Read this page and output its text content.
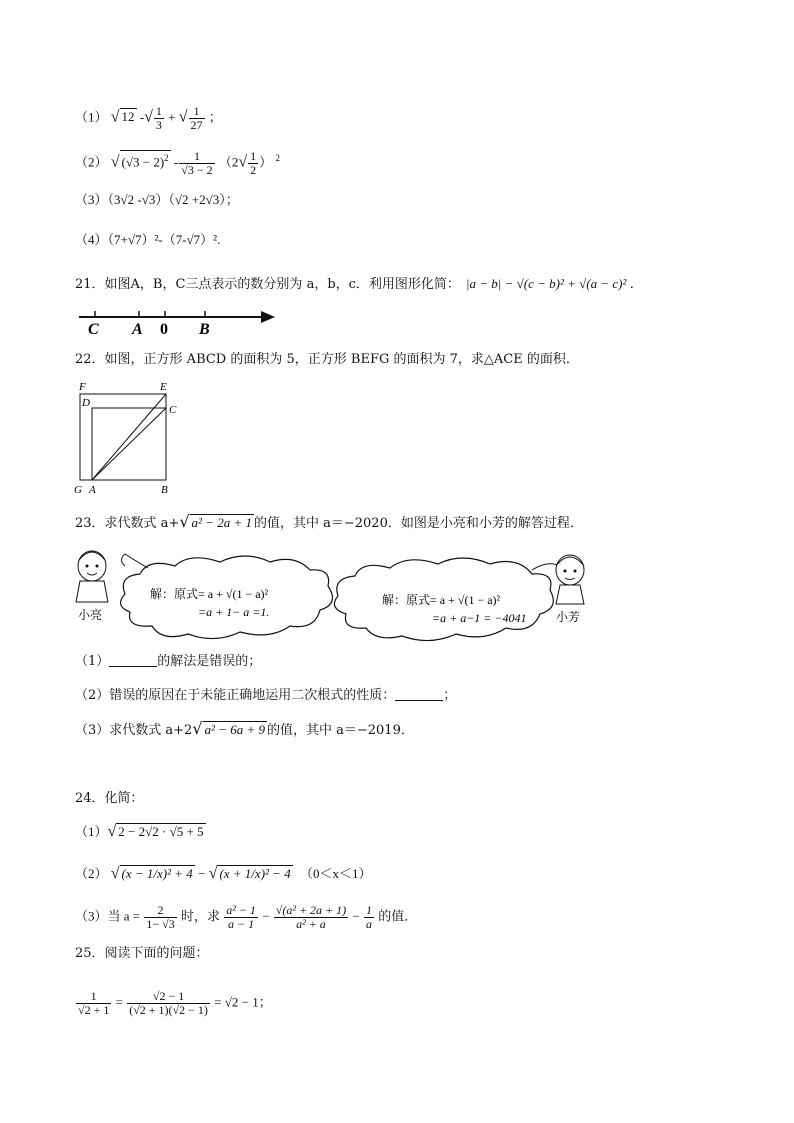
（1） √ 12 -√ $\frac{1}{3}$ + √ $\frac{1}{27}$ ；
（2） √ $(√3 - 2)^2 - \frac{1}{√3 - 2} (2√ \frac{1}{2}$ ） $^2$
（3）（3√2 -√3）（√2 +2√3）；
（4）（7+√7）²-（7-√7）².
21．如图A，B，C三点表示的数分别为 a，b，c．利用图形化简： |a − b| − √(c − b)² + √(a − c)² ．
C A 0 B
22．如图，正方形 ABCD 的面积为 5，正方形 BEFG 的面积为 7，求△ACE 的面积．
F	E
D
C
G A	B
23．求代数式 a+√ a² − 2a + 1 的值，其中 a＝−2020．如图是小亮和小芳的解答过程．
小亮
解：原式= a + √(1 − a)²
=a + 1− a =1.
解：原式= a + √(1 − a)²
=a + a−1 = −4041 小芳
（1）	的解法是错误的；
（2）错误的原因在于未能正确地运用二次根式的性质：	；
（3）求代数式 a+2√ a² − 6a + 9 的值，其中 a＝−2019．
24．化简：
（1）√ 2 − 2√2 · √5 + 5
（2） √ (x − 1/x)² + 4 − √ (x + 1/x)² − 4 （0＜x＜1）
（3）当 $a = \frac{2}{1- √3}$ 时，求 $\frac{\text{a² − 1}}{a - 1} - \frac{\text{√(a² + 2a + 1)}}{\text{a² + a}} - \frac{1}{a}$ 的值．
25．阅读下面的问题：
$\frac{1}{√2 + 1} = \frac{√2 - 1}{(√2 + 1)(√2 - 1)} = √2 - 1$；
